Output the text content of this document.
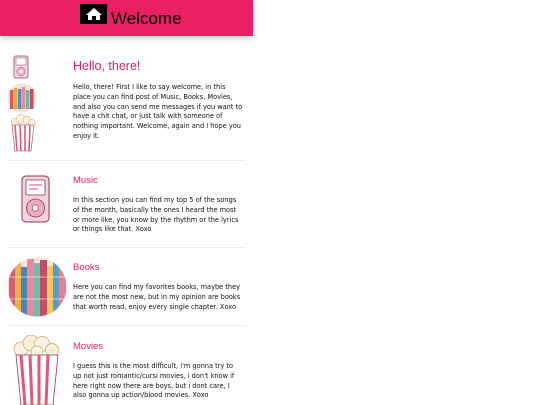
Welcome
Hello, there!
Hello, there! First I like to say welcome, in this place you can find post of Music, Books, Movies, and also you can send me messages if you want to have a chit chat, or just talk with someone of nothing important. Welcome, again and I hope you enjoy it.
Music
In this section you can find my top 5 of the songs of the month, basically the ones I heard the most or more like, you know by the rhythm or the lyrics or things like that. Xoxo
Books
Here you can find my favorites books, maybe they are not the most new, but in my opinion are books that worth read, enjoy every single chapter. Xoxo
Movies
I guess this is the most difficult, i'm gonna try to up not just romantic/cursi movies, i don't know if here right now there are boys, but i dont care, I also gonna up action/blood movies. Xoxo
